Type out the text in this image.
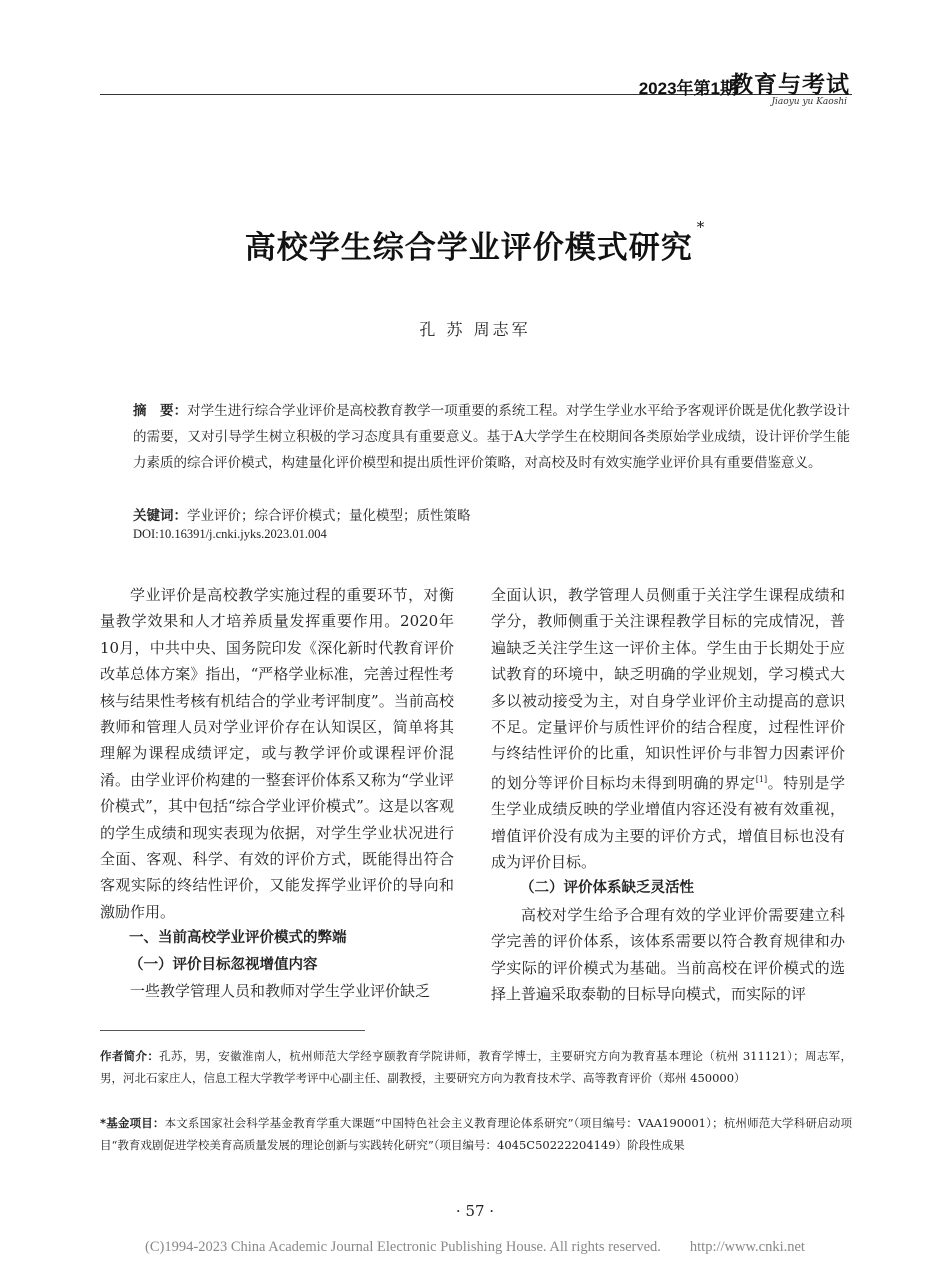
2023年第1期
教育与考试
Jiaoyu yu Kaoshi
高校学生综合学业评价模式研究*
孔 苏 周志军
摘　要：对学生进行综合学业评价是高校教育教学一项重要的系统工程。对学生学业水平给予客观评价既是优化教学设计的需要，又对引导学生树立积极的学习态度具有重要意义。基于A大学学生在校期间各类原始学业成绩，设计评价学生能力素质的综合评价模式，构建量化评价模型和提出质性评价策略，对高校及时有效实施学业评价具有重要借鉴意义。
关键词：学业评价；综合评价模式；量化模型；质性策略
DOI:10.16391/j.cnki.jyks.2023.01.004

学业评价是高校教学实施过程的重要环节，对衡量教学效果和人才培养质量发挥重要作用。2020年10月，中共中央、国务院印发《深化新时代教育评价改革总体方案》指出，“严格学业标准，完善过程性考核与结果性考核有机结合的学业考评制度”。当前高校教师和管理人员对学业评价存在认知误区，简单将其理解为课程成绩评定，或与教学评价或课程评价混淆。由学业评价构建的一整套评价体系又称为“学业评价模式”，其中包括“综合学业评价模式”。这是以客观的学生成绩和现实表现为依据，对学生学业状况进行全面、客观、科学、有效的评价方式，既能得出符合客观实际的终结性评价，又能发挥学业评价的导向和激励作用。

一、当前高校学业评价模式的弊端

（一）评价目标忽视增值内容

一些教学管理人员和教师对学生学业评价缺乏

全面认识，教学管理人员侧重于关注学生课程成绩和学分，教师侧重于关注课程教学目标的完成情况，普遍缺乏关注学生这一评价主体。学生由于长期处于应试教育的环境中，缺乏明确的学业规划，学习模式大多以被动接受为主，对自身学业评价主动提高的意识不足。定量评价与质性评价的结合程度，过程性评价与终结性评价的比重，知识性评价与非智力因素评价的划分等评价目标均未得到明确的界定[1]。特别是学生学业成绩反映的学业增值内容还没有被有效重视，增值评价没有成为主要的评价方式，增值目标也没有成为评价目标。

（二）评价体系缺乏灵活性

高校对学生给予合理有效的学业评价需要建立科学完善的评价体系，该体系需要以符合教育规律和办学实际的评价模式为基础。当前高校在评价模式的选择上普遍采取泰勒的目标导向模式，而实际的评

作者简介：孔苏，男，安徽淮南人，杭州师范大学经亨颐教育学院讲师，教育学博士，主要研究方向为教育基本理论（杭州 311121）；周志军，男，河北石家庄人，信息工程大学教学考评中心副主任、副教授，主要研究方向为教育技术学、高等教育评价（郑州 450000）
*基金项目：本文系国家社会科学基金教育学重大课题“中国特色社会主义教育理论体系研究”（项目编号：VAA190001）；杭州师范大学科研启动项目“教育戏剧促进学校美育高质量发展的理论创新与实践转化研究”（项目编号：4045C50222204149）阶段性成果
· 57 ·
(C)1994-2023 China Academic Journal Electronic Publishing House. All rights reserved.　　http://www.cnki.net
